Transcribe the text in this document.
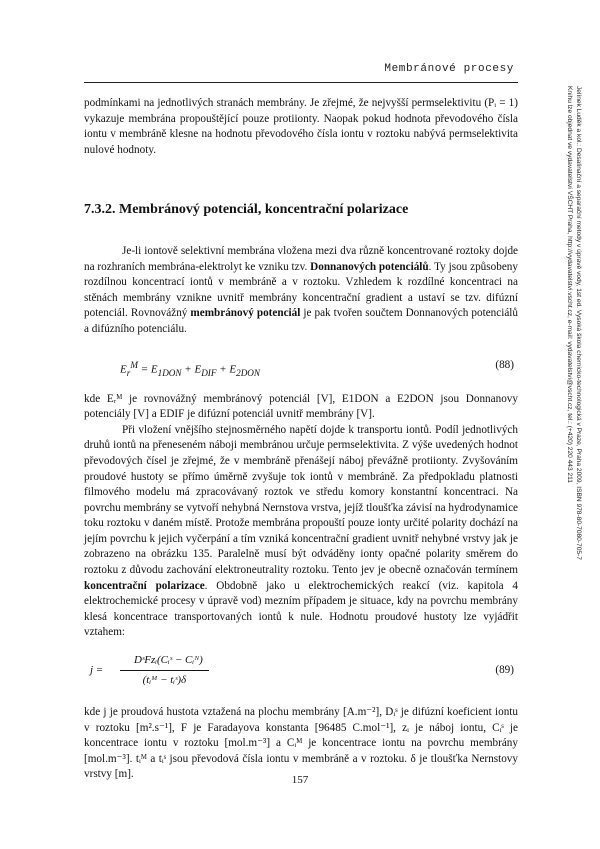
Membránové procesy
Jelínek Luděk a kol.: Desalinační a separační metody v úpravě vody, 1st ed. Vysoká škola chemicko-technologická v Praze, Praha 2009, ISBN 978-80-7080-705-7
Knihu lze objednat ve vydavatelství VŠCHT Praha, http://vydavatelstvi.vscht.cz, e-mail: vydavatelstvi@vscht.cz, tel.: (+420) 220 443 211

podmínkami na jednotlivých stranách membrány. Je zřejmé, že nejvyšší permselektivitu (Pᵢ = 1) vykazuje membrána propouštějící pouze protiionty. Naopak pokud hodnota převodového čísla iontu v membráně klesne na hodnotu převodového čísla iontu v roztoku nabývá permselektivita nulové hodnoty.

7.3.2. Membránový potenciál, koncentrační polarizace

Je-li iontově selektivní membrána vložena mezi dva různě koncentrované roztoky dojde na rozhraních membrána-elektrolyt ke vzniku tzv. Donnanových potenciálů. Ty jsou způsobeny rozdílnou koncentrací iontů v membráně a v roztoku. Vzhledem k rozdílné koncentraci na stěnách membrány vznikne uvnitř membrány koncentrační gradient a ustaví se tzv. difúzní potenciál. Rovnovážný membránový potenciál je pak tvořen součtem Donnanových potenciálů a difúzního potenciálu.

$E_r^M = E_{1DON} + E_{DIF} + E_{2DON}$
(88)

kde Eᵣᴹ je rovnovážný membránový potenciál [V], E1DON a E2DON jsou Donnanovy potenciály [V] a EDIF je difúzní potenciál uvnitř membrány [V].

Při vložení vnějšího stejnosměrného napětí dojde k transportu iontů. Podíl jednotlivých druhů iontů na přeneseném náboji membránou určuje permselektivita. Z výše uvedených hodnot převodových čísel je zřejmé, že v membráně přenášejí náboj převážně protiionty. Zvyšováním proudové hustoty se přímo úměrně zvyšuje tok iontů v membráně. Za předpokladu platnosti filmového modelu má zpracovávaný roztok ve středu komory konstantní koncentraci. Na povrchu membrány se vytvoří nehybná Nernstova vrstva, jejíž tloušťka závisí na hydrodynamice toku roztoku v daném místě. Protože membrána propouští pouze ionty určité polarity dochází na jejím povrchu k jejich vyčerpání a tím vzniká koncentrační gradient uvnitř nehybné vrstvy jak je zobrazeno na obrázku 135. Paralelně musí být odváděny ionty opačné polarity směrem do roztoku z důvodu zachování elektroneutrality roztoku. Tento jev je obecně označován termínem koncentrační polarizace. Obdobně jako u elektrochemických reakcí (viz. kapitola 4 elektrochemické procesy v úpravě vod) mezním případem je situace, kdy na povrchu membrány klesá koncentrace transportovaných iontů k nule. Hodnotu proudové hustoty lze vyjádřit vztahem:

j =
DˢFzᵢ(Cᵢˢ − Cᵢᴺ)
(tᵢᴹ − tᵢˢ)δ
(89)

kde j je proudová hustota vztažená na plochu membrány [A.m⁻²], Dᵢˢ je difúzní koeficient iontu v roztoku [m².s⁻¹], F je Faradayova konstanta [96485 C.mol⁻¹], zᵢ je náboj iontu, Cᵢˢ je koncentrace iontu v roztoku [mol.m⁻³] a Cᵢᴹ je koncentrace iontu na povrchu membrány [mol.m⁻³]. tᵢᴹ a tᵢˢ jsou převodová čísla iontu v membráně a v roztoku. δ je tloušťka Nernstovy vrstvy [m].	157
